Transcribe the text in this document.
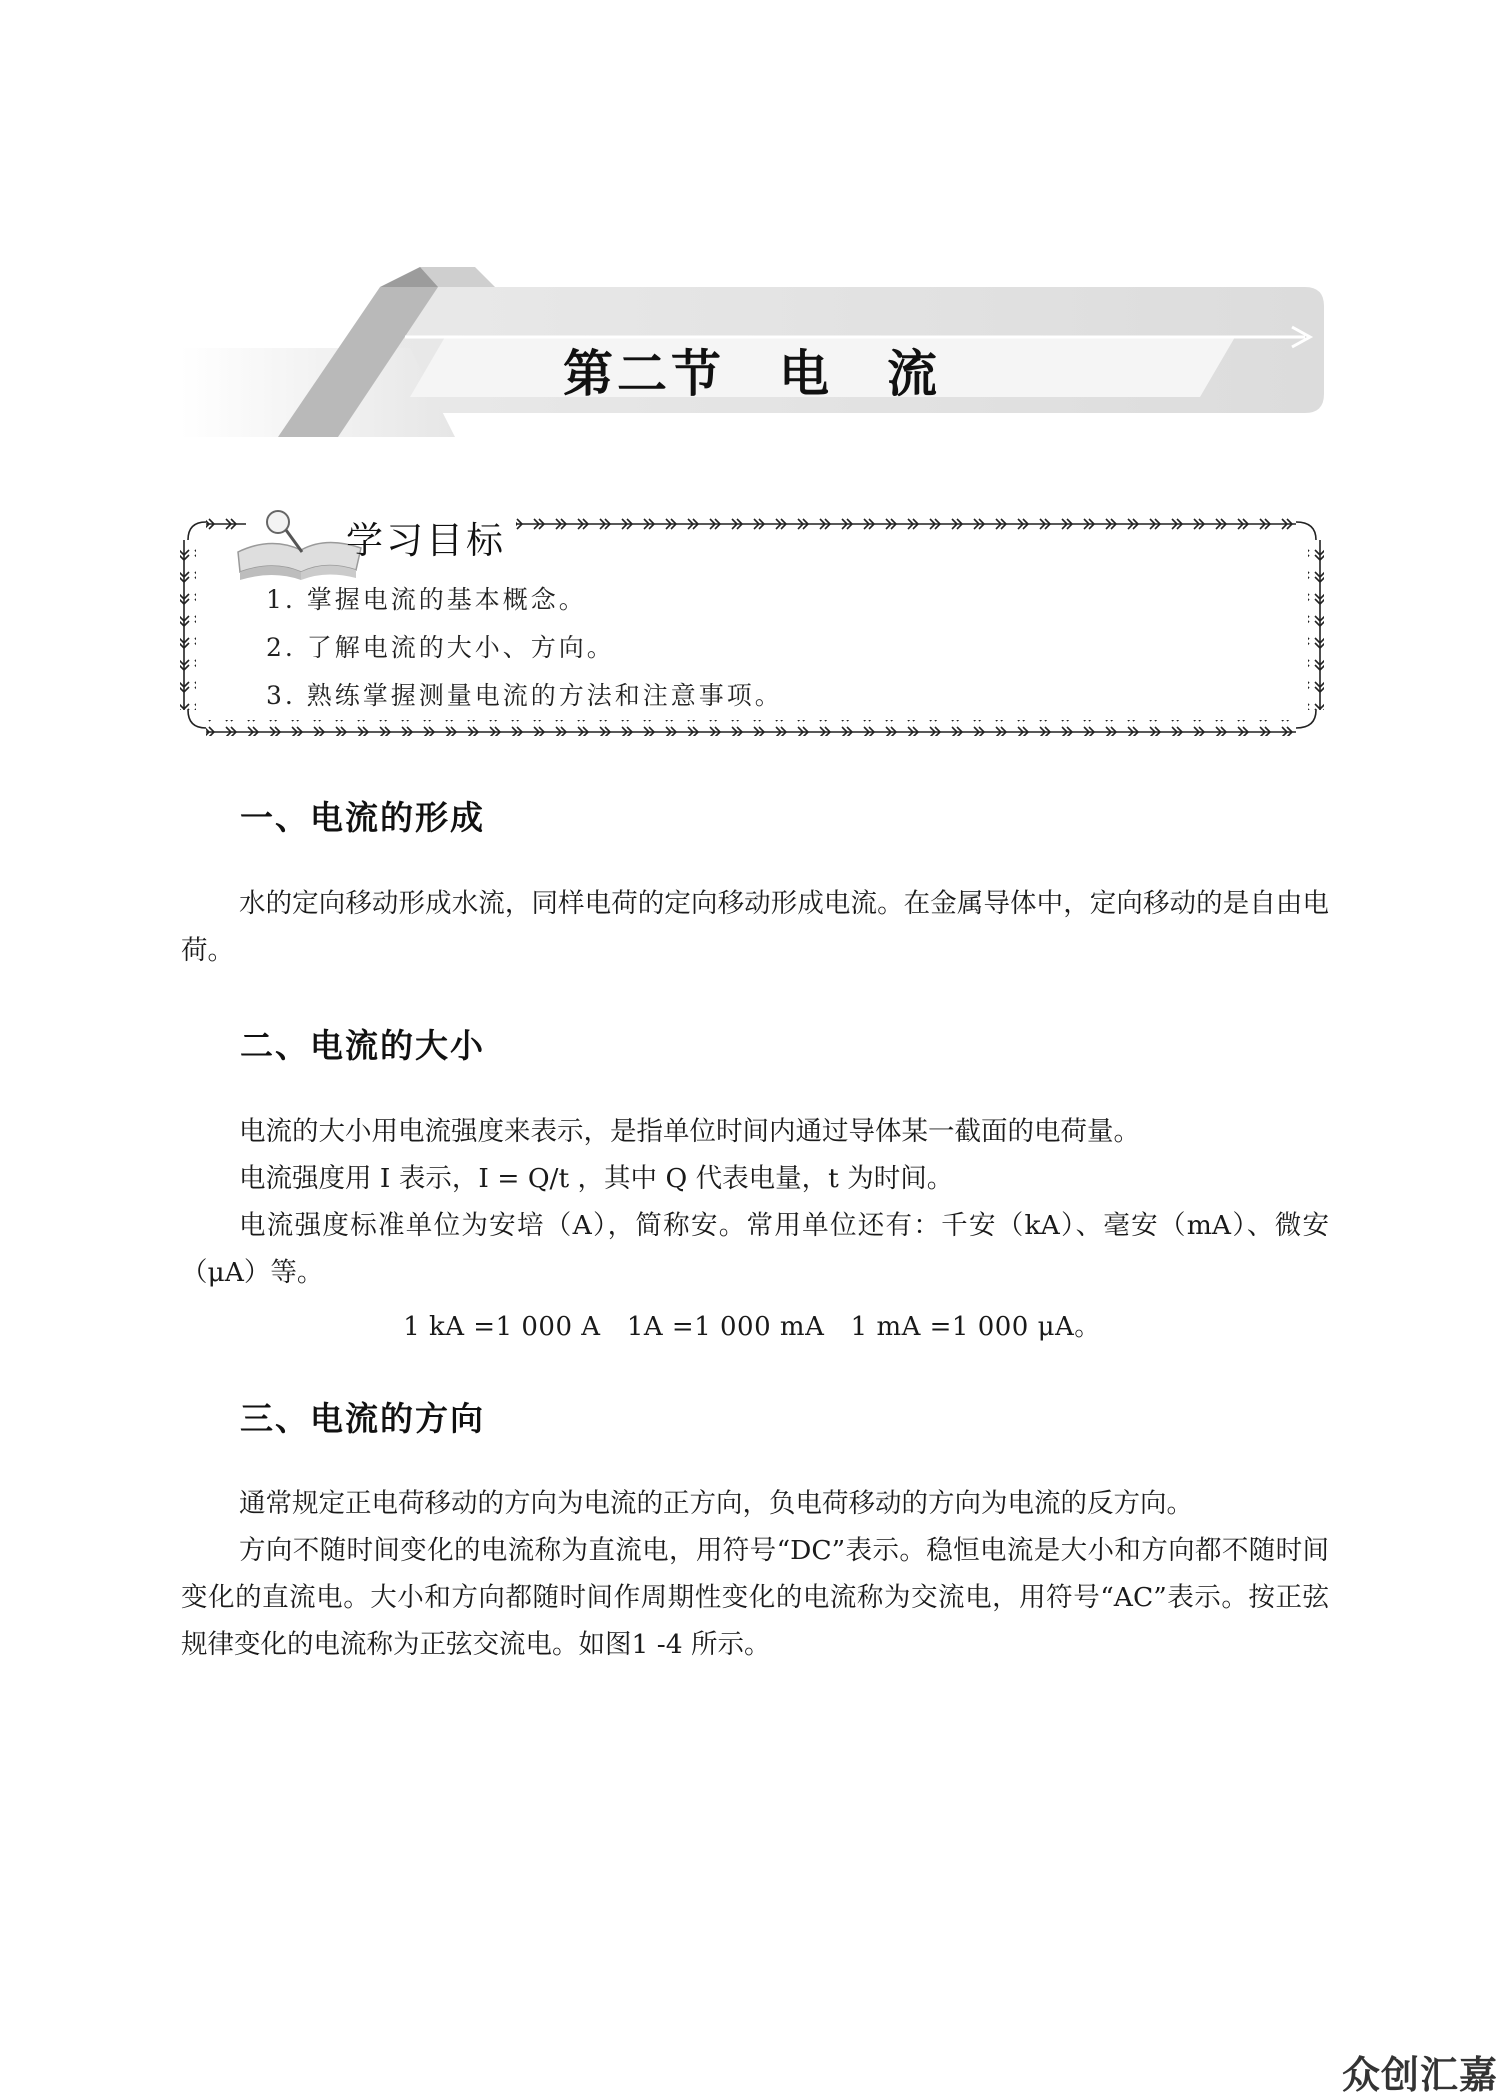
第二节　电　流
学习目标
1. 掌握电流的基本概念。
2. 了解电流的大小、方向。
3. 熟练掌握测量电流的方法和注意事项。
一、电流的形成

水的定向移动形成水流，同样电荷的定向移动形成电流。在金属导体中，定向移动的是自由电荷。

二、电流的大小

电流的大小用电流强度来表示，是指单位时间内通过导体某一截面的电荷量。

电流强度用 I 表示，I = Q/t ，其中 Q 代表电量，t 为时间。

电流强度标准单位为安培（A），简称安。常用单位还有：千安（kA）、毫安（mA）、微安（μA）等。

1 kA =1 000 A   1A =1 000 mA   1 mA =1 000 μA。
三、电流的方向

通常规定正电荷移动的方向为电流的正方向，负电荷移动的方向为电流的反方向。

方向不随时间变化的电流称为直流电，用符号“DC”表示。稳恒电流是大小和方向都不随时间变化的直流电。大小和方向都随时间作周期性变化的电流称为交流电，用符号“AC”表示。按正弦规律变化的电流称为正弦交流电。如图1 -4 所示。

众创汇嘉
